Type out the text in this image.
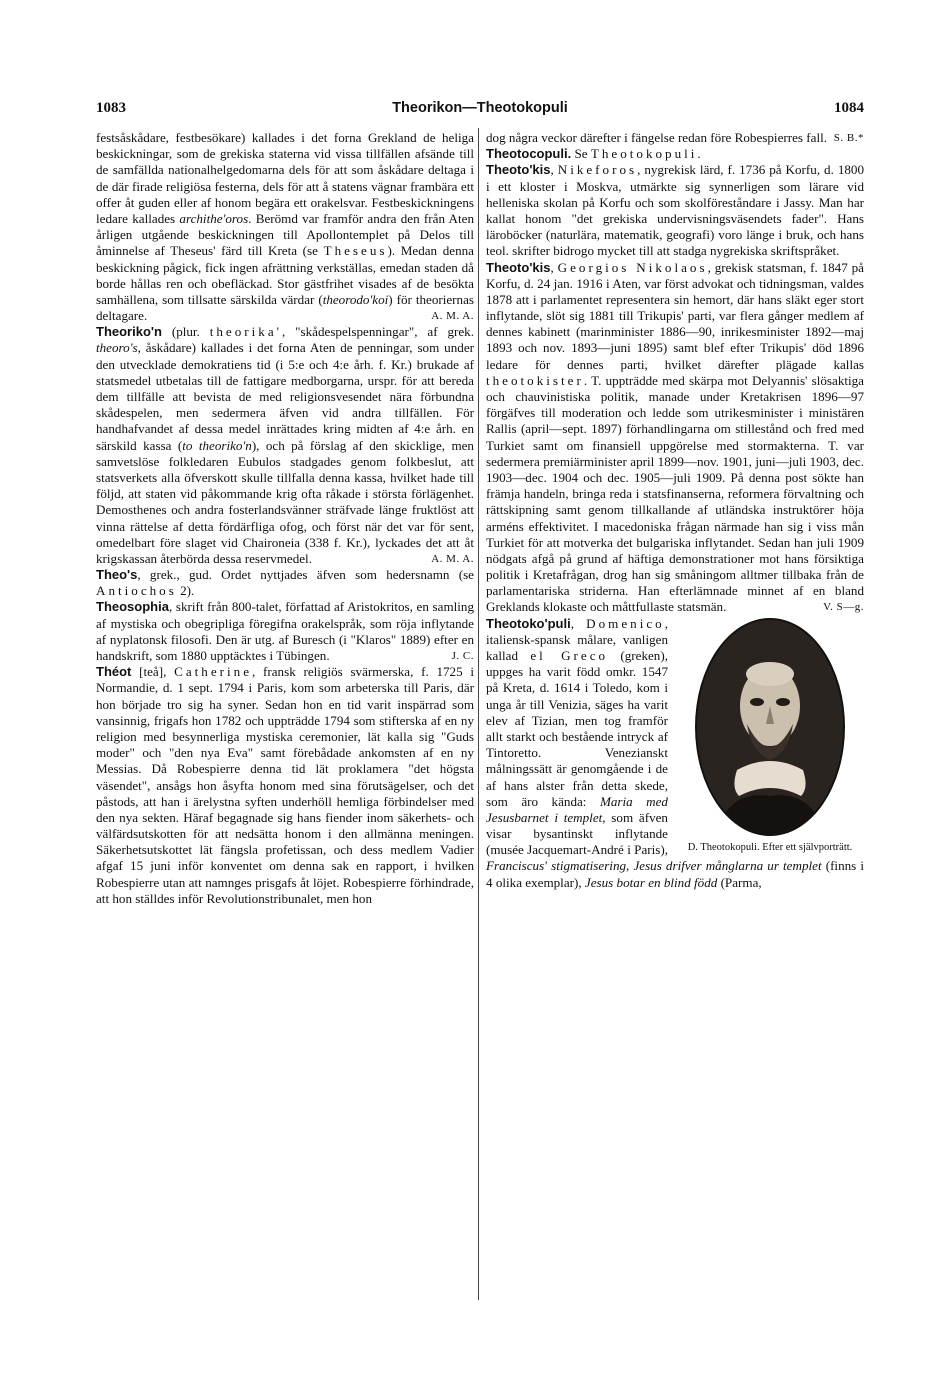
1083	Theorikon—Theotokopuli	1084
festsåskådare, festbesökare) kallades i det forna Grekland de heliga beskickningar, som de grekiska staterna vid vissa tillfällen afsände till de samfällda nationalhelgedomarna dels för att som åskådare deltaga i de där firade religiösa festerna, dels för att å statens vägnar frambära ett offer åt guden eller af honom begära ett orakelsvar. Festbeskickningens ledare kallades archithe'oros. Berömd var framför andra den från Aten årligen utgående beskickningen till Apollontemplet på Delos till åminnelse af Theseus' färd till Kreta (se Theseus). Medan denna beskickning pågick, fick ingen afrättning verkställas, emedan staden då borde hållas ren och obefläckad. Stor gästfrihet visades af de besökta samhällena, som tillsatte särskilda värdar (theorodo'koi) för theoriernas deltagare.	A. M. A.
Theoriko'n (plur. theorika', "skådespelspenningar", af grek. theoro's, åskådare) kallades i det forna Aten de penningar, som under den utvecklade demokratiens tid (i 5:e och 4:e årh. f. Kr.) brukade af statsmedel utbetalas till de fattigare medborgarna, urspr. för att bereda dem tillfälle att bevista de med religionsvesendet nära förbundna skådespelen, men sedermera äfven vid andra tillfällen. För handhafvandet af dessa medel inrättades kring midten af 4:e årh. en särskild kassa (to theoriko'n), och på förslag af den skicklige, men samvetslöse folkledaren Eubulos stadgades genom folkbeslut, att statsverkets alla öfverskott skulle tillfalla denna kassa, hvilket hade till följd, att staten vid påkommande krig ofta råkade i största förlägenhet. Demosthenes och andra fosterlandsvänner sträfvade länge fruktlöst att vinna rättelse af detta fördärfliga ofog, och först när det var för sent, omedelbart före slaget vid Chaironeia (338 f. Kr.), lyckades det att åt krigskassan återbörda dessa reservmedel.	A. M. A.
Theo's, grek., gud. Ordet nyttjades äfven som hedersnamn (se Antiochos 2).
Theosophia, skrift från 800-talet, författad af Aristokritos, en samling af mystiska och obegripliga föregifna orakelspråk, som röja inflytande af nyplatonsk filosofi. Den är utg. af Buresch (i "Klaros" 1889) efter en handskrift, som 1880 upptäcktes i Tübingen.	J. C.
Théot [teå], Catherine, fransk religiös svärmerska, f. 1725 i Normandie, d. 1 sept. 1794 i Paris, kom som arbeterska till Paris, där hon började tro sig ha syner. Sedan hon en tid varit inspärrad som vansinnig, frigafs hon 1782 och uppträdde 1794 som stifterska af en ny religion med besynnerliga mystiska ceremonier, lät kalla sig "Guds moder" och "den nya Eva" samt förebådade ankomsten af en ny Messias. Då Robespierre denna tid lät proklamera "det högsta väsendet", ansågs hon åsyfta honom med sina förutsägelser, och det påstods, att han i ärelystna syften underhöll hemliga förbindelser med den nya sekten. Häraf begagnade sig hans fiender inom säkerhets- och välfärdsutskotten för att nedsätta honom i den allmänna meningen. Säkerhetsutskottet lät fängsla profetissan, och dess medlem Vadier afgaf 15 juni inför konventet om denna sak en rapport, i hvilken Robespierre utan att namnges prisgafs åt löjet. Robespierre förhindrade, att hon ställdes inför Revolutionstribunalet, men hon
dog några veckor därefter i fängelse redan före Robespierres fall. S. B.*
Theotocopuli. Se Theotokopuli.
Theoto'kis, Nikeforos, nygrekisk lärd, f. 1736 på Korfu, d. 1800 i ett kloster i Moskva, utmärkte sig synnerligen som lärare vid helleniska skolan på Korfu och som skolföreståndare i Jassy. Man har kallat honom "det grekiska undervisningsväsendets fader". Hans läroböcker (naturlära, matematik, geografi) voro länge i bruk, och hans teol. skrifter bidrogo mycket till att stadga nygrekiska skriftspråket.
Theoto'kis, Georgios Nikolaos, grekisk statsman, f. 1847 på Korfu, d. 24 jan. 1916 i Aten, var först advokat och tidningsman, valdes 1878 att i parlamentet representera sin hemort, där hans släkt eger stort inflytande, slöt sig 1881 till Trikupis' parti, var flera gånger medlem af dennes kabinett (marinminister 1886—90, inrikesminister 1892—maj 1893 och nov. 1893—juni 1895) samt blef efter Trikupis' död 1896 ledare för dennes parti, hvilket därefter plägade kallas theotokister. T. uppträdde med skärpa mot Delyannis' slösaktiga och chauvinistiska politik, manade under Kretakrisen 1896—97 förgäfves till moderation och ledde som utrikesminister i ministären Rallis (april—sept. 1897) förhandlingarna om stillestånd och fred med Turkiet samt om finansiell uppgörelse med stormakterna. T. var sedermera premiärminister april 1899—nov. 1901, juni—juli 1903, dec. 1903—dec. 1904 och dec. 1905—juli 1909. På denna post sökte han främja handeln, bringa reda i statsfinanserna, reformera förvaltning och rättskipning samt genom tillkallande af utländska instruktörer höja arméns effektivitet. I macedoniska frågan närmade han sig i viss mån Turkiet för att motverka det bulgariska inflytandet. Sedan han juli 1909 nödgats afgå på grund af häftiga demonstrationer mot hans försiktiga politik i Kretafrågan, drog han sig småningom alltmer tillbaka från de parlamentariska striderna. Han efterlämnade minnet af en bland Greklands klokaste och måttfullaste statsmän.	V. S—g.
D. Theotokopuli. Efter ett självporträtt.
Theotoko'puli, Domenico, italiensk-spansk målare, vanligen kallad el Greco (greken), uppges ha varit född omkr. 1547 på Kreta, d. 1614 i Toledo, kom i unga år till Venizia, säges ha varit elev af Tizian, men tog framför allt starkt och bestående intryck af Tintoretto. Venezianskt målningssätt är genomgående i de af hans alster från detta skede, som äro kända: Maria med Jesusbarnet i templet, som äfven visar bysantinskt inflytande (musée Jacquemart-André i Paris), Franciscus' stigmatisering, Jesus drifver månglarna ur templet (finns i 4 olika exemplar), Jesus botar en blind född (Parma,
